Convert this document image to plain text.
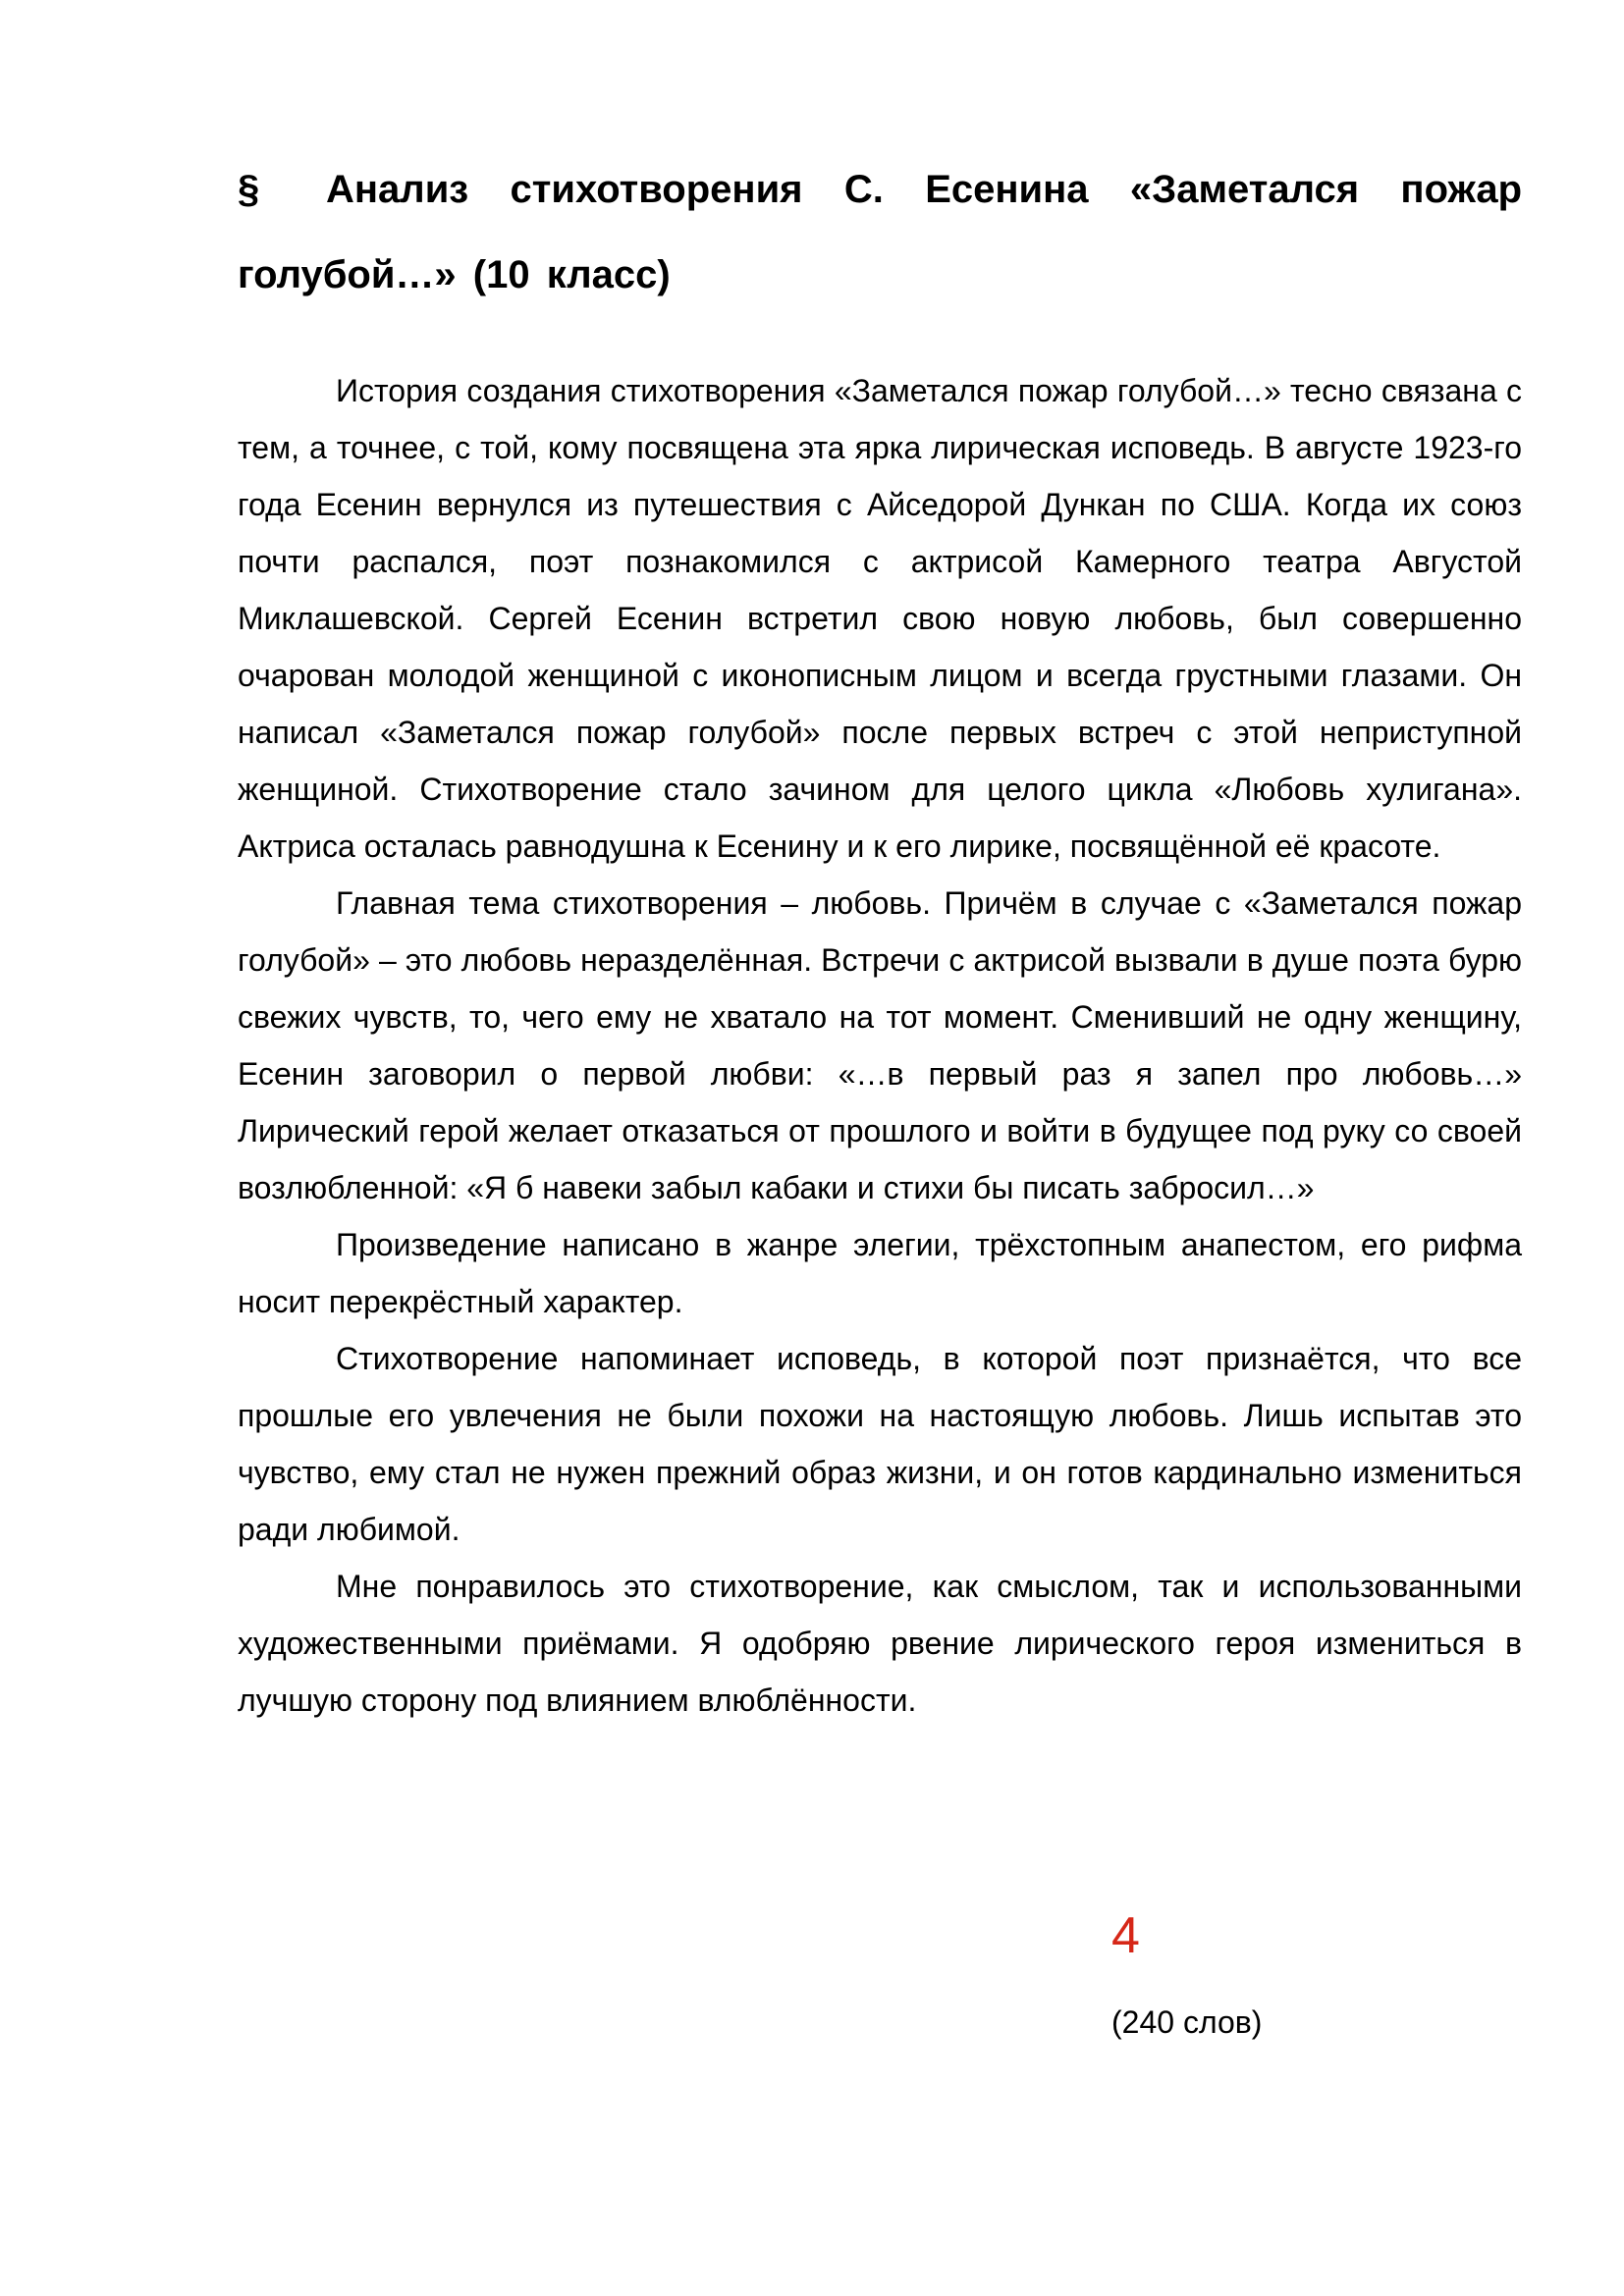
§ Анализ стихотворения С. Есенина «Заметался пожар голубой…» (10 класс)

История создания стихотворения «Заметался пожар голубой…» тесно связана с тем, а точнее, с той, кому посвящена эта ярка лирическая исповедь. В августе 1923-го года Есенин вернулся из путешествия с Айседорой Дункан по США. Когда их союз почти распался, поэт познакомился с актрисой Камерного театра Августой Миклашевской. Сергей Есенин встретил свою новую любовь, был совершенно очарован молодой женщиной с иконописным лицом и всегда грустными глазами. Он написал «Заметался пожар голубой» после первых встреч с этой неприступной женщиной. Стихотворение стало зачином для целого цикла «Любовь хулигана». Актриса осталась равнодушна к Есенину и к его лирике, посвящённой её красоте.

Главная тема стихотворения – любовь. Причём в случае с «Заметался пожар голубой» – это любовь неразделённая. Встречи с актрисой вызвали в душе поэта бурю свежих чувств, то, чего ему не хватало на тот момент. Сменивший не одну женщину, Есенин заговорил о первой любви: «…в первый раз я запел про любовь…» Лирический герой желает отказаться от прошлого и войти в будущее под руку со своей возлюбленной: «Я б навеки забыл кабаки и стихи бы писать забросил…»

Произведение написано в жанре элегии, трёхстопным анапестом, его рифма носит перекрёстный характер.

Стихотворение напоминает исповедь, в которой поэт признаётся, что все прошлые его увлечения не были похожи на настоящую любовь. Лишь испытав это чувство, ему стал не нужен прежний образ жизни, и он готов кардинально измениться ради любимой.

Мне понравилось это стихотворение, как смыслом, так и использованными художественными приёмами. Я одобряю рвение лирического героя измениться в лучшую сторону под влиянием влюблённости.

4

(240 слов)
